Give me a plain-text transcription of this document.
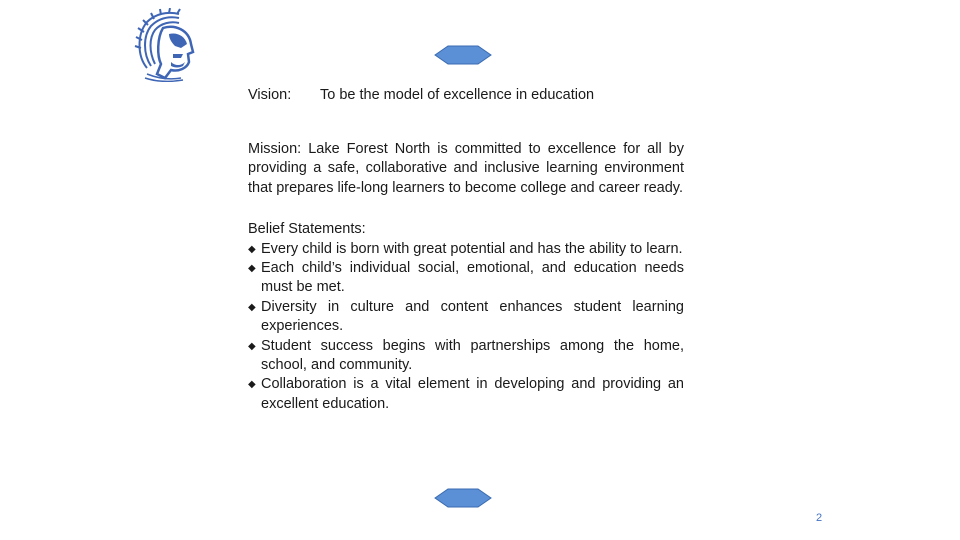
Vision:	To be the model of excellence in education
Mission: Lake Forest North is committed to excellence for all by providing a safe, collaborative and inclusive learning environment that prepares life-long learners to become college and career ready.
Belief Statements:
◆ Every child is born with great potential and has the ability to learn.
◆ Each child’s individual social, emotional, and education needs must be met.
◆ Diversity in culture and content enhances student learning experiences.
◆ Student success begins with partnerships among the home, school, and community.
◆ Collaboration is a vital element in developing and providing an excellent education.
2
